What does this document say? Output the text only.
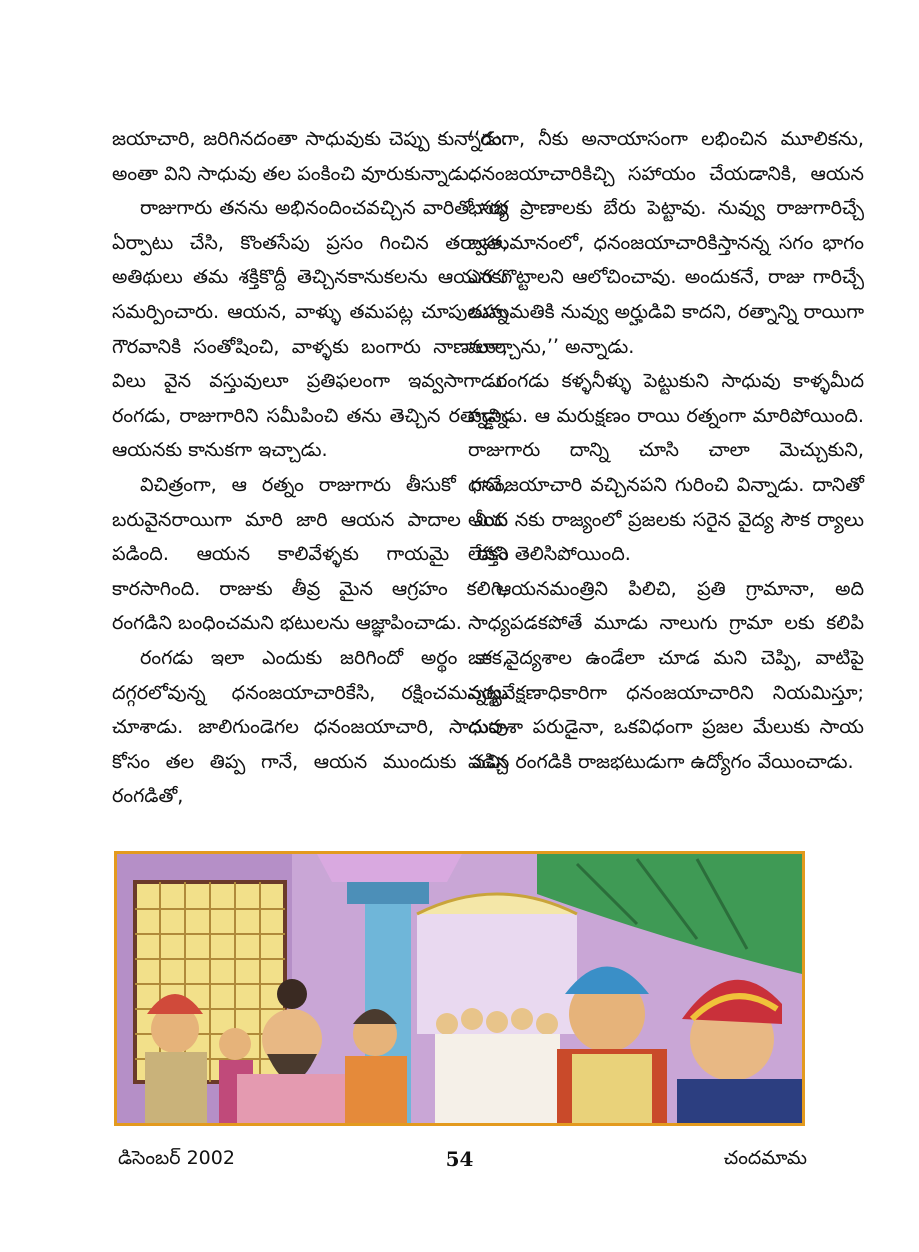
జయాచారి, జరిగినదంతా సాధువుకు చెప్పు కున్నాడు. అంతా విని సాధువు తల పంకించి వూరుకున్నాడు.

రాజుగారు తనను అభినందించవచ్చిన వారితో సభ ఏర్పాటు చేసి, కొంతసేపు ప్రసం గించిన తర్వాత, అతిథులు తమ శక్తికొద్దీ తెచ్చినకానుకలను ఆయనకు సమర్పించారు. ఆయన, వాళ్ళు తమపట్ల చూపుతున్న గౌరవానికి సంతోషించి, వాళ్ళకు బంగారు నాణాలూ, విలు వైన వస్తువులూ ప్రతిఫలంగా ఇవ్వసాగాడు. రంగడు, రాజుగారిని సమీపించి తను తెచ్చిన రత్నాన్ని ఆయనకు కానుకగా ఇచ్చాడు.

విచిత్రంగా, ఆ రత్నం రాజుగారు తీసుకో గానే, బరువైనరాయిగా మారి జారి ఆయన పాదాల మీద పడింది. ఆయన కాలివేళ్ళకు గాయమై రక్తం కారసాగింది. రాజుకు తీవ్ర మైన ఆగ్రహం కలిగి, రంగడిని బంధించమని భటులను ఆజ్ఞాపించాడు.

రంగడు ఇలా ఎందుకు జరిగిందో అర్థం కాక, దగ్గరలోవున్న ధనంజయాచారికేసి, రక్షించమన్నట్టు చూశాడు. జాలిగుండెగల ధనంజయాచారి, సాధువు కోసం తల తిప్ప గానే, ఆయన ముందుకు వచ్చి రంగడితో,

‘‘రంగా, నీకు అనాయాసంగా లభించిన మూలికను, ధనంజయాచారికిచ్చి సహాయం చేయడానికి, ఆయన భార్య ప్రాణాలకు బేరు పెట్టావు. నువ్వు రాజుగారిచ్చే బహుమానంలో, ధనంజయాచారికిస్తానన్న సగం భాగం ఎగ గొట్టాలని ఆలోచించావు. అందుకనే, రాజు గారిచ్చే బహుమతికి నువ్వు అర్హుడివి కాదని, రత్నాన్ని రాయిగా మార్చాను,’’ అన్నాడు.

రంగడు కళ్ళనీళ్ళు పెట్టుకుని సాధువు కాళ్ళమీద పడ్డాడు. ఆ మరుక్షణం రాయి రత్నంగా మారిపోయింది. రాజుగారు దాన్ని చూసి చాలా మెచ్చుకుని, ధనంజయాచారి వచ్చినపని గురించి విన్నాడు. దానితో ఆయ నకు రాజ్యంలో ప్రజలకు సరైన వైద్య సౌక ర్యాలు లేవని తెలిసిపోయింది.

ఆయనమంత్రిని పిలిచి, ప్రతి గ్రామానా, అది సాధ్యపడకపోతే మూడు నాలుగు గ్రామా లకు కలిపి ఒక వైద్యశాల ఉండేలా చూడ మని చెప్పి, వాటిపై పర్యవేక్షణాధికారిగా ధనంజయాచారిని నియమిస్తూ; దురాశా పరుడైనా, ఒకవిధంగా ప్రజల మేలుకు సాయ పడిన రంగడికి రాజభటుడుగా ఉద్యోగం వేయించాడు.

డిసెంబర్ 2002	54	చందమామ
